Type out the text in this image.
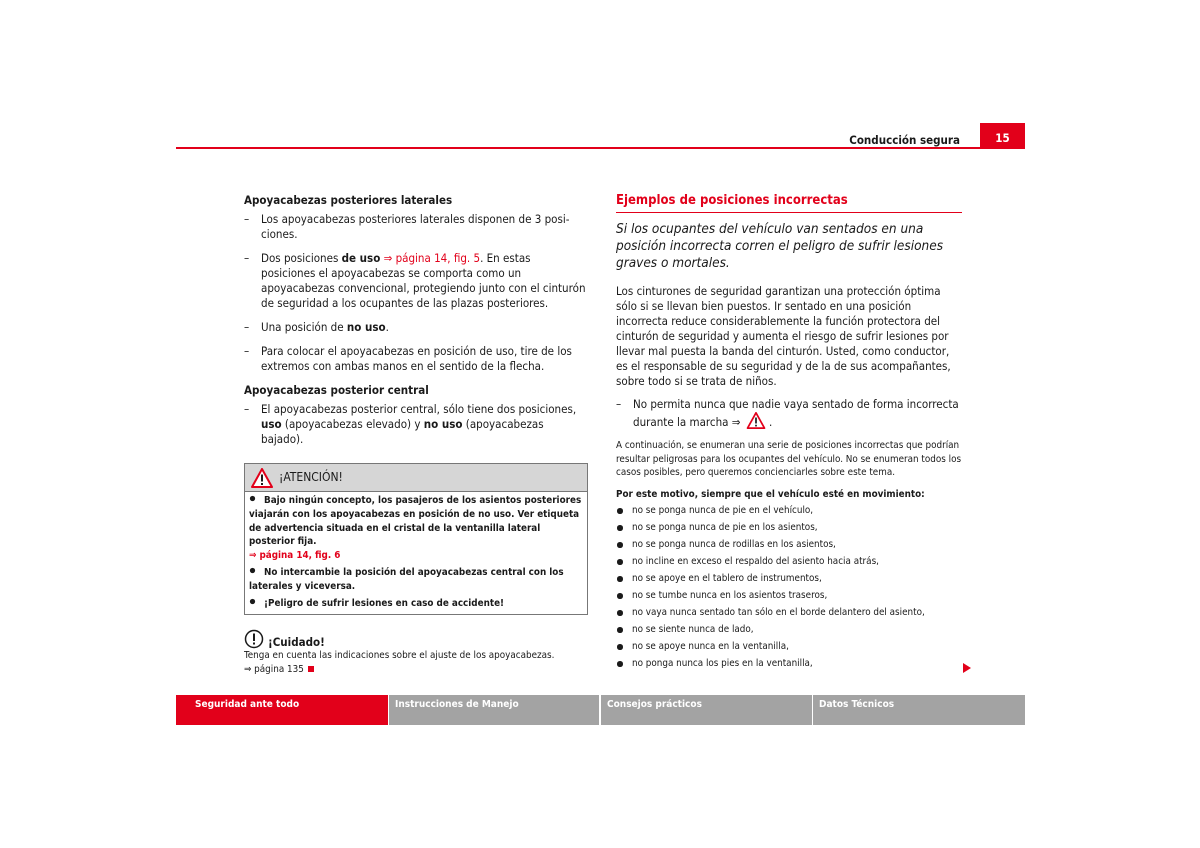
Conducción segura	15

Apoyacabezas posteriores laterales

– Los apoyacabezas posteriores laterales disponen de 3 posiciones.
– Dos posiciones de uso ⇒ página 14, fig. 5. En estas posiciones el apoyacabezas se comporta como un apoyacabezas convencional, protegiendo junto con el cinturón de seguridad a los ocupantes de las plazas posteriores.
– Una posición de no uso.
– Para colocar el apoyacabezas en posición de uso, tire de los extremos con ambas manos en el sentido de la flecha.

Apoyacabezas posterior central

– El apoyacabezas posterior central, sólo tiene dos posiciones, uso (apoyacabezas elevado) y no uso (apoyacabezas bajado).
¡ATENCIÓN!

Bajo ningún concepto, los pasajeros de los asientos posteriores viajarán con los apoyacabezas en posición de no uso. Ver etiqueta de advertencia situada en el cristal de la ventanilla lateral posterior fija.
⇒ página 14, fig. 6

No intercambie la posición del apoyacabezas central con los laterales y viceversa.

¡Peligro de sufrir lesiones en caso de accidente!

¡Cuidado!
Tenga en cuenta las indicaciones sobre el ajuste de los apoyacabezas.
⇒ página 135
Ejemplos de posiciones incorrectas

Si los ocupantes del vehículo van sentados en una posición incorrecta corren el peligro de sufrir lesiones graves o mortales.

Los cinturones de seguridad garantizan una protección óptima sólo si se llevan bien puestos. Ir sentado en una posición incorrecta reduce considerablemente la función protectora del cinturón de seguridad y aumenta el riesgo de sufrir lesiones por llevar mal puesta la banda del cinturón. Usted, como conductor, es el responsable de su seguridad y de la de sus acompañantes, sobre todo si se trata de niños.

– No permita nunca que nadie vaya sentado de forma incorrecta durante la marcha ⇒ .

A continuación, se enumeran una serie de posiciones incorrectas que podrían resultar peligrosas para los ocupantes del vehículo. No se enumeran todos los casos posibles, pero queremos concienciarles sobre este tema.

Por este motivo, siempre que el vehículo esté en movimiento:

no se ponga nunca de pie en el vehículo,
no se ponga nunca de pie en los asientos,
no se ponga nunca de rodillas en los asientos,
no incline en exceso el respaldo del asiento hacia atrás,
no se apoye en el tablero de instrumentos,
no se tumbe nunca en los asientos traseros,
no vaya nunca sentado tan sólo en el borde delantero del asiento,
no se siente nunca de lado,
no se apoye nunca en la ventanilla,
no ponga nunca los pies en la ventanilla,
Seguridad ante todo	Instrucciones de Manejo	Consejos prácticos	Datos Técnicos
